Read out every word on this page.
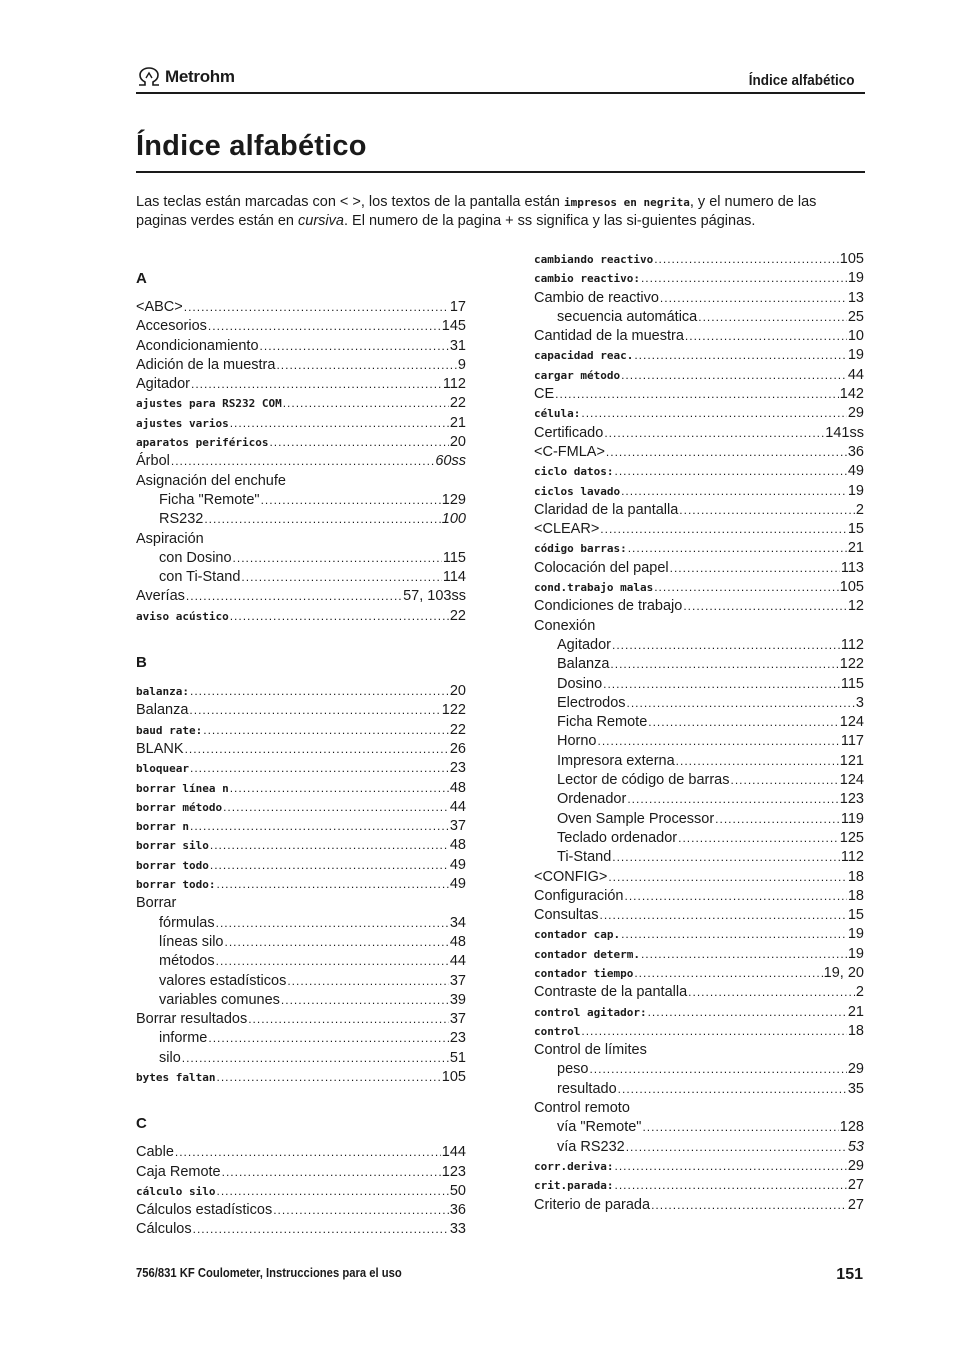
Metrohm	Índice alfabético
Índice alfabético

Las teclas están marcadas con < >, los textos de la pantalla están impresos en negrita, y el numero de las paginas verdes están en cursiva. El numero de la pagina + ss significa y las si-guientes páginas.

A
<ABC> .....	17
Accesorios .....	145
Acondicionamiento .....	31
Adición de la muestra .....	9
Agitador .....	112
ajustes para RS232 COM .....	22
ajustes varios .....	21
aparatos periféricos .....	20
Árbol .....	60ss
Asignación del enchufe
Ficha "Remote" .....	129
RS232 .....	100
Aspiración
con Dosino .....	115
con Ti-Stand .....	114
Averías .....	57, 103ss
aviso acústico .....	22
B
balanza: .....	20
Balanza .....	122
baud rate: .....	22
BLANK .....	26
bloquear .....	23
borrar línea n .....	48
borrar método .....	44
borrar n .....	37
borrar silo .....	48
borrar todo .....	49
borrar todo: .....	49
Borrar
fórmulas .....	34
líneas silo .....	48
métodos .....	44
valores estadísticos .....	37
variables comunes .....	39
Borrar resultados .....	37
informe .....	23
silo .....	51
bytes faltan .....	105
C
Cable .....	144
Caja Remote .....	123
cálculo silo .....	50
Cálculos estadísticos .....	36
Cálculos .....	33
cambiando reactivo .....	105
cambio reactivo: .....	19
Cambio de reactivo .....	13
secuencia automática .....	25
Cantidad de la muestra .....	10
capacidad reac. .....	19
cargar método .....	44
CE .....	142
célula: .....	29
Certificado .....	141ss
<C-FMLA> .....	36
ciclo datos: .....	49
ciclos lavado .....	19
Claridad de la pantalla .....	2
<CLEAR> .....	15
código barras: .....	21
Colocación del papel .....	113
cond.trabajo malas .....	105
Condiciones de trabajo .....	12
Conexión
Agitador .....	112
Balanza .....	122
Dosino .....	115
Electrodos .....	3
Ficha Remote .....	124
Horno .....	117
Impresora externa .....	121
Lector de código de barras .....	124
Ordenador .....	123
Oven Sample Processor .....	119
Teclado ordenador .....	125
Ti-Stand .....	112
<CONFIG> .....	18
Configuración .....	18
Consultas .....	15
contador cap. .....	19
contador determ. .....	19
contador tiempo .....	19, 20
Contraste de la pantalla .....	2
control agitador: .....	21
control .....	18
Control de límites
peso .....	29
resultado .....	35
Control remoto
vía "Remote" .....	128
vía RS232 .....	53
corr.deriva: .....	29
crit.parada: .....	27
Criterio de parada .....	27
756/831 KF Coulometer, Instrucciones para el uso	151
